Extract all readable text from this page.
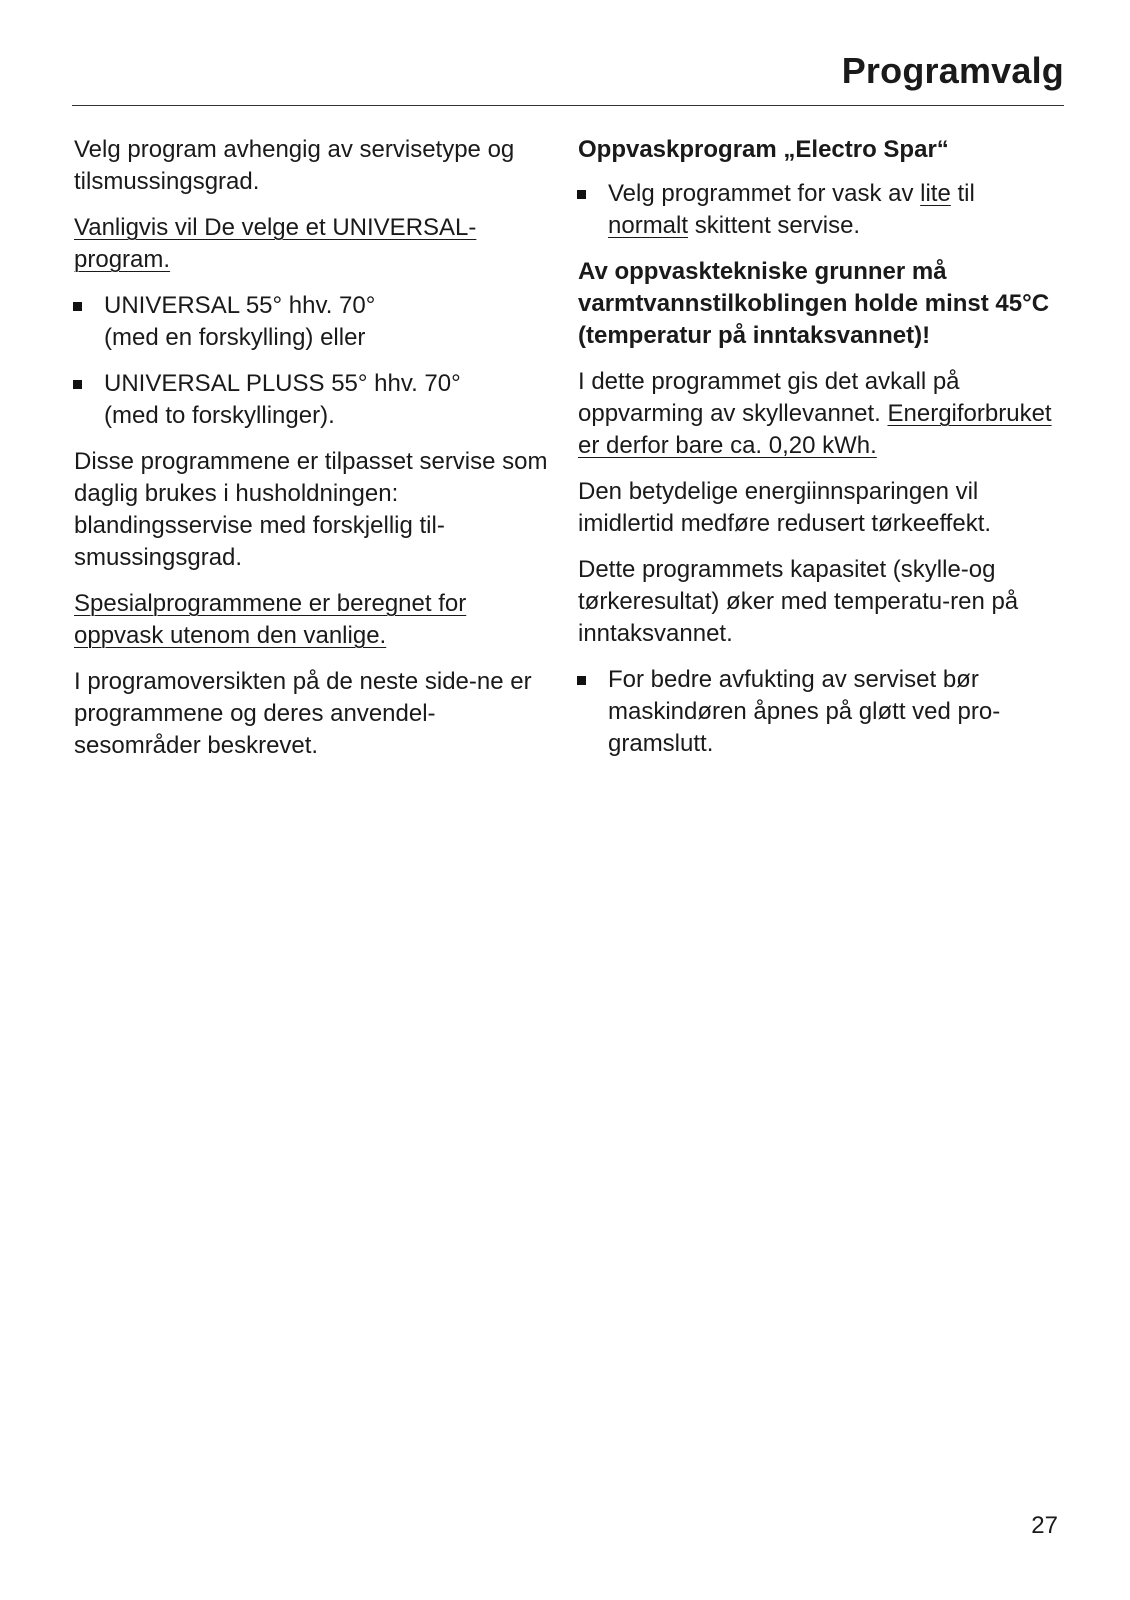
Programvalg

Velg program avhengig av servisetype og tilsmussingsgrad.

Vanligvis vil De velge et UNIVERSAL-program.

UNIVERSAL 55° hhv. 70°
(med en forskylling) eller
UNIVERSAL PLUSS 55° hhv. 70°
(med to forskyllinger).

Disse programmene er tilpasset servise som daglig brukes i husholdningen: blandingsservise med forskjellig til-smussingsgrad.

Spesialprogrammene er beregnet for oppvask utenom den vanlige.

I programoversikten på de neste side-ne er programmene og deres anvendel-sesområder beskrevet.

Oppvaskprogram „Electro Spar“

Velg programmet for vask av lite til
normalt skittent servise.

Av oppvasktekniske grunner må varmtvannstilkoblingen holde minst 45°C (temperatur på inntaksvannet)!

I dette programmet gis det avkall på oppvarming av skyllevannet. Energiforbruket er derfor bare ca. 0,20 kWh.

Den betydelige energiinnsparingen vil imidlertid medføre redusert tørkeeffekt.

Dette programmets kapasitet (skylle-og tørkeresultat) øker med temperatu-ren på inntaksvannet.

For bedre avfukting av serviset bør maskindøren åpnes på gløtt ved pro-gramslutt.
27
